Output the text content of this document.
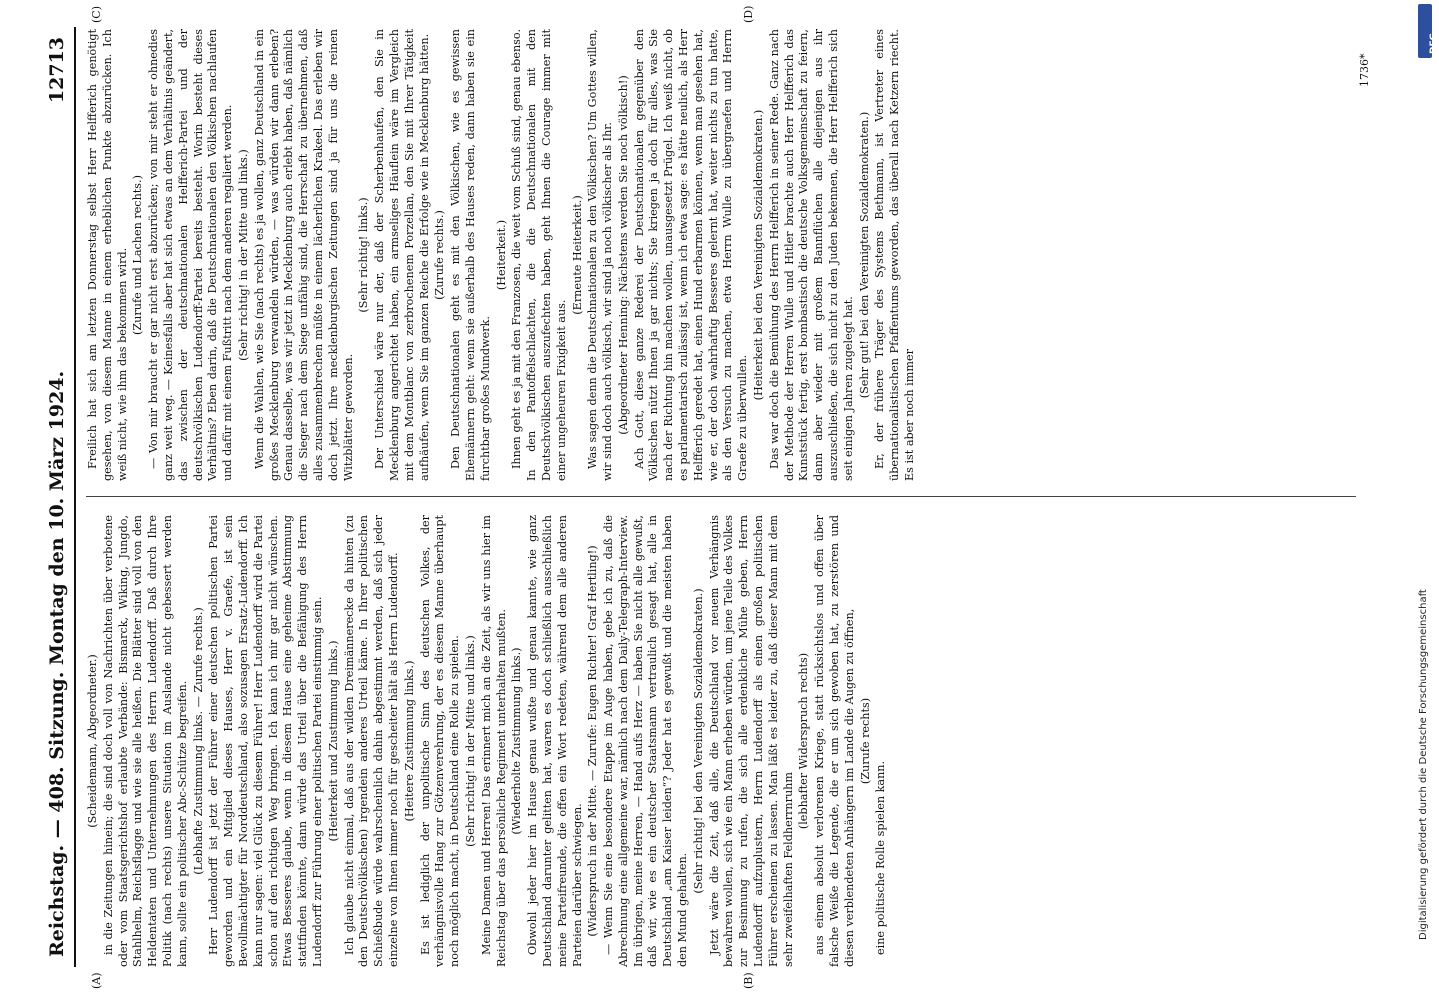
Reichstag. — 408. Sitzung. Montag den 10. März 1924.
12713

(Scheidemann, Abgeordneter.) in die Zeitungen hinein; die sind doch voll von Nachrichten über verbotene oder vom Staatsgerichtshof erlaubte Verbände: Bismarck, Wiking, Jungdo, Stahlhelm, Reichsflagge und wie sie alle heißen. Die Blätter sind voll von den Heldentaten und Unternehmungen des Herrn Ludendorff. Daß durch Ihre Politik (nach rechts) unsere Situation im Auslande nicht gebessert werden kann, sollte ein politischer Abc-Schütze begreifen. (Lebhafte Zustimmung links. — Zurufe rechts.) Herr Ludendorff ist jetzt der Führer einer deutschen politischen Partei geworden und ein Mitglied dieses Hauses, Herr v. Graefe, ist sein Bevollmächtigter für Norddeutschland, also sozusagen Ersatz-Ludendorff. Ich kann nur sagen: viel Glück zu diesem Führer! Herr Ludendorff wird die Partei schon auf den richtigen Weg bringen. Ich kann ich mir gar nicht wünschen. Etwas Besseres glaube, wenn in diesem Hause eine geheime Abstimmung stattfinden könnte, dann würde das Urteil über die Befähigung des Herrn Ludendorff zur Führung einer politischen Partei einstimmig sein. (Heiterkeit und Zustimmung links.) Ich glaube nicht einmal, daß aus der wilden Dreimännerecke da hinten (zu den Deutschvölkischen) irgendein anderes Urteil käme. In Ihrer politischen Schießbude würde wahrscheinlich dahin abgestimmt werden, daß sich jeder einzelne von Ihnen immer noch für gescheiter hält als Herrn Ludendorff. (Heitere Zustimmung links.) Es ist lediglich der unpolitische Sinn des deutschen Volkes, der verhängnisvolle Hang zur Götzenverehrung, der es diesem Manne überhaupt noch möglich macht, in Deutschland eine Rolle zu spielen. (Sehr richtig! in der Mitte und links.) Meine Damen und Herren! Das erinnert mich an die Zeit, als wir uns hier im Reichstag über das persönliche Regiment unterhalten mußten. (Wiederholte Zustimmung links.) Obwohl jeder hier im Hause genau wußte und genau kannte, wie ganz Deutschland darunter gelitten hat, waren es doch schließlich ausschließlich meine Parteifreunde, die offen ein Wort redeten, während dem alle anderen Parteien darüber schwiegen. (Widerspruch in der Mitte. — Zurufe: Eugen Richter! Graf Hertling!) — Wenn Sie eine besondere Etappe im Auge haben, gebe ich zu, daß die Abrechnung eine allgemeine war, nämlich nach dem Daily-Telegraph-Interview. Im übrigen, meine Herren, — Hand aufs Herz — haben Sie nicht alle gewußt, daß wir, wie es ein deutscher Staatsmann vertraulich gesagt hat, alle in Deutschland „am Kaiser leiden“? Jeder hat es gewußt und die meisten haben den Mund gehalten.

(Sehr richtig! bei den Vereinigten Sozialdemokraten.) Jetzt wäre die Zeit, daß alle, die Deutschland vor neuem Verhängnis bewahren wollen, sich wie ein Mann erheben würden, um jene Teile des Volkes zur Besinnung zu rufen, die sich alle erdenkliche Mühe geben, Herrn Ludendorff aufzuplustern, Herrn Ludendorff als einen großen politischen Führer erscheinen zu lassen. Man läßt es leider zu, daß dieser Mann mit dem sehr zweifelhaften Feldherrnruhm

(lebhafter Widerspruch rechts) aus einem absolut verlorenen Kriege, statt rücksichtslos und offen über falsche Weiße die Legende, die er um sich gewoben hat, zu zerstören und diesen verblendeten Anhängern im Lande die Augen zu öffnen, (Zurufe rechts)

eine politische Rolle spielen kann.

Freilich hat sich am letzten Donnerstag selbst Herr Helfferich genötigt gesehen, von diesem Manne in einem erheblichen Punkte abzurücken. Ich weiß nicht, wie ihm das bekommen wird. (Zurufe und Lachen rechts.) — Von mir braucht er gar nicht erst abzurücken; von mir steht er ohnedies ganz weit weg. — Keinesfalls aber hat sich etwas an dem Verhältnis geändert, das zwischen der deutschnationalen Helfferich-Partei und der deutschvölkischen Ludendorff-Partei bereits besteht. Worin besteht dieses Verhältnis? Eben darin, daß die Deutschnationalen den Völkischen nachlaufen und dafür mit einem Fußtritt nach dem anderen regaliert werden. (Sehr richtig! in der Mitte und links.) Wenn die Wahlen, wie Sie (nach rechts) es ja wollen, ganz Deutschland in ein großes Mecklenburg verwandeln würden, — was würden wir dann erleben? Genau dasselbe, was wir jetzt in Mecklenburg auch erlebt haben, daß nämlich die Sieger nach dem Siege unfähig sind, die Herrschaft zu übernehmen, daß alles zusammenbrechen müßte in einem lächerlichen Krakeel. Das erleben wir doch jetzt. Ihre mecklenburgischen Zeitungen sind ja für uns die reinen Witzblätter geworden.

(Sehr richtig! links.) Der Unterschied wäre nur der, daß der Scherbenhaufen, den Sie in Mecklenburg angerichtet haben, ein armseliges Häuflein wäre im Vergleich mit dem Montblanc von zerbrochenem Porzellan, den Sie mit Ihrer Tätigkeit aufhäufen, wenn Sie im ganzen Reiche die Erfolge wie in Mecklenburg hätten. (Zurufe rechts.) Den Deutschnationalen geht es mit den Völkischen, wie es gewissen Ehemännern geht: wenn sie außerhalb des Hauses reden, dann haben sie ein furchtbar großes Mundwerk.

(Heiterkeit.) Ihnen geht es ja mit den Franzosen, die weit vom Schuß sind, genau ebenso. In den Pantoffelschlachten, die die Deutschnationalen mit den Deutschvölkischen auszufechten haben, geht Ihnen die Courage immer mit einer ungeheuren Fixigkeit aus.

(Erneute Heiterkeit.) Was sagen denn die Deutschnationalen zu den Völkischen? Um Gottes willen, wir sind doch auch völkisch, wir sind ja noch völkischer als Ihr. (Abgeordneter Henning: Nächstens werden Sie noch völkisch!) Ach Gott, diese ganze Rederei der Deutschnationalen gegenüber den Völkischen nützt Ihnen ja gar nichts; Sie kriegen ja doch für alles, was Sie nach der Richtung hin machen wollen, unausgesetzt Prügel. Ich weiß nicht, ob es parlamentarisch zulässig ist, wenn ich etwa sage: es hätte neulich, als Herr Helfferich geredet hat, einen Hund erbarmen können, wenn man gesehen hat, wie er, der doch wahrhaftig Besseres gelernt hat, weiter nichts zu tun hatte, als den Versuch zu machen, etwa Herrn Wulle zu übergraefen und Herrn Graefe zu überwullen.

(Heiterkeit bei den Vereinigten Sozialdemokraten.) Das war doch die Bemühung des Herrn Helfferich in seiner Rede. Ganz nach der Methode der Herren Wulle und Hitler brachte auch Herr Helfferich das Kunststück fertig, erst bombastisch die deutsche Volksgemeinschaft zu feiern, dann aber wieder mit großem Bannflüchen alle diejenigen aus ihr auszuschließen, die sich nicht zu den Juden bekennen, die Herr Helfferich sich seit einigen Jahren zugelegt hat. (Sehr gut! bei den Vereinigten Sozialdemokraten.) Er, der frühere Träger des Systems Bethmann, ist Vertreter eines übernationalistischen Pfaffentums geworden, das überall nach Ketzern riecht. Es ist aber noch immer

(A)	(B)
(C)	(D)
1736*
Digitalisierung gefördert durch die Deutsche Forschungsgemeinschaft
DFG
